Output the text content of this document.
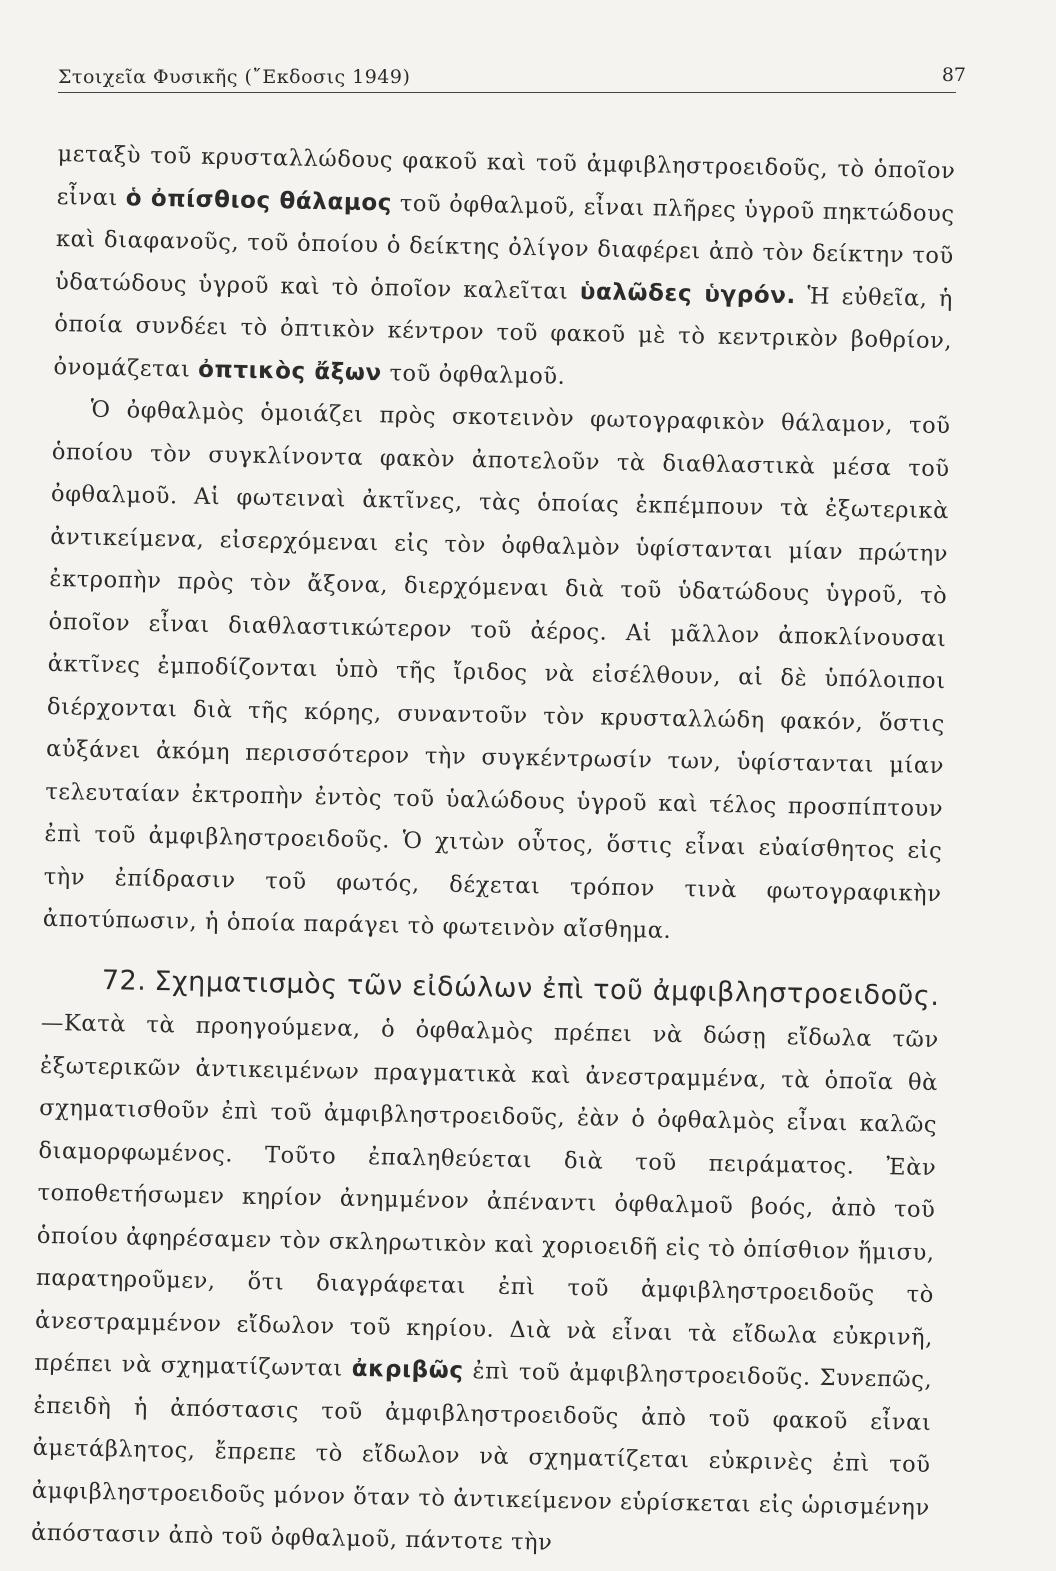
Στοιχεῖα Φυσικῆς (῎Εκδοσις 1949)	87

μεταξὺ τοῦ κρυσταλλώδους φακοῦ καὶ τοῦ ἀμφιβληστροειδοῦς, τὸ ὁποῖον εἶναι ὁ ὀπίσθιος θάλαμος τοῦ ὀφθαλμοῦ, εἶναι πλῆρες ὑγροῦ πηκτώδους καὶ διαφανοῦς, τοῦ ὁποίου ὁ δείκτης ὀλίγον διαφέρει ἀπὸ τὸν δείκτην τοῦ ὑδατώδους ὑγροῦ καὶ τὸ ὁποῖον καλεῖται ὑαλῶδες ὑγρόν. Ἡ εὐθεῖα, ἡ ὁποία συνδέει τὸ ὀπτικὸν κέντρον τοῦ φακοῦ μὲ τὸ κεντρικὸν βοθρίον, ὀνομάζεται ὀπτικὸς ἄξων τοῦ ὀφθαλμοῦ.

Ὁ ὀφθαλμὸς ὁμοιάζει πρὸς σκοτεινὸν φωτογραφικὸν θάλαμον, τοῦ ὁποίου τὸν συγκλίνοντα φακὸν ἀποτελοῦν τὰ διαθλαστικὰ μέσα τοῦ ὀφθαλμοῦ. Αἱ φωτειναὶ ἀκτῖνες, τὰς ὁποίας ἐκπέμπουν τὰ ἐξωτερικὰ ἀντικείμενα, εἰσερχόμεναι εἰς τὸν ὀφθαλμὸν ὑφίστανται μίαν πρώτην ἐκτροπὴν πρὸς τὸν ἄξονα, διερχόμεναι διὰ τοῦ ὑδατώδους ὑγροῦ, τὸ ὁποῖον εἶναι διαθλαστικώτερον τοῦ ἀέρος. Αἱ μᾶλλον ἀποκλίνουσαι ἀκτῖνες ἐμποδίζονται ὑπὸ τῆς ἴριδος νὰ εἰσέλθουν, αἱ δὲ ὑπόλοιποι διέρχονται διὰ τῆς κόρης, συναντοῦν τὸν κρυσταλλώδη φακόν, ὅστις αὐξάνει ἀκόμη περισσότερον τὴν συγκέντρωσίν των, ὑφίστανται μίαν τελευταίαν ἐκτροπὴν ἐντὸς τοῦ ὑαλώδους ὑγροῦ καὶ τέλος προσπίπτουν ἐπὶ τοῦ ἀμφιβληστροειδοῦς. Ὁ χιτὼν οὗτος, ὅστις εἶναι εὐαίσθητος εἰς τὴν ἐπίδρασιν τοῦ φωτός, δέχεται τρόπον τινὰ φωτογραφικὴν ἀποτύπωσιν, ἡ ὁποία παράγει τὸ φωτεινὸν αἴσθημα.

72. Σχηματισμὸς τῶν εἰδώλων ἐπὶ τοῦ ἀμφιβληστροειδοῦς.—Κατὰ τὰ προηγούμενα, ὁ ὀφθαλμὸς πρέπει νὰ δώσῃ εἴδωλα τῶν ἐξωτερικῶν ἀντικειμένων πραγματικὰ καὶ ἀνεστραμμένα, τὰ ὁποῖα θὰ σχηματισθοῦν ἐπὶ τοῦ ἀμφιβληστροειδοῦς, ἐὰν ὁ ὀφθαλμὸς εἶναι καλῶς διαμορφωμένος. Τοῦτο ἐπαληθεύεται διὰ τοῦ πειράματος. Ἐὰν τοποθετήσωμεν κηρίον ἀνημμένον ἀπέναντι ὀφθαλμοῦ βοός, ἀπὸ τοῦ ὁποίου ἀφηρέσαμεν τὸν σκληρωτικὸν καὶ χοριοειδῆ εἰς τὸ ὀπίσθιον ἥμισυ, παρατηροῦμεν, ὅτι διαγράφεται ἐπὶ τοῦ ἀμφιβληστροειδοῦς τὸ ἀνεστραμμένον εἴδωλον τοῦ κηρίου. Διὰ νὰ εἶναι τὰ εἴδωλα εὐκρινῆ, πρέπει νὰ σχηματίζωνται ἀκριβῶς ἐπὶ τοῦ ἀμφιβληστροειδοῦς. Συνεπῶς, ἐπειδὴ ἡ ἀπόστασις τοῦ ἀμφιβληστροειδοῦς ἀπὸ τοῦ φακοῦ εἶναι ἀμετάβλητος, ἔπρεπε τὸ εἴδωλον νὰ σχηματίζεται εὐκρινὲς ἐπὶ τοῦ ἀμφιβληστροειδοῦς μόνον ὅταν τὸ ἀντικείμενον εὑρίσκεται εἰς ὡρισμένην ἀπόστασιν ἀπὸ τοῦ ὀφθαλμοῦ, πάντοτε τὴν
